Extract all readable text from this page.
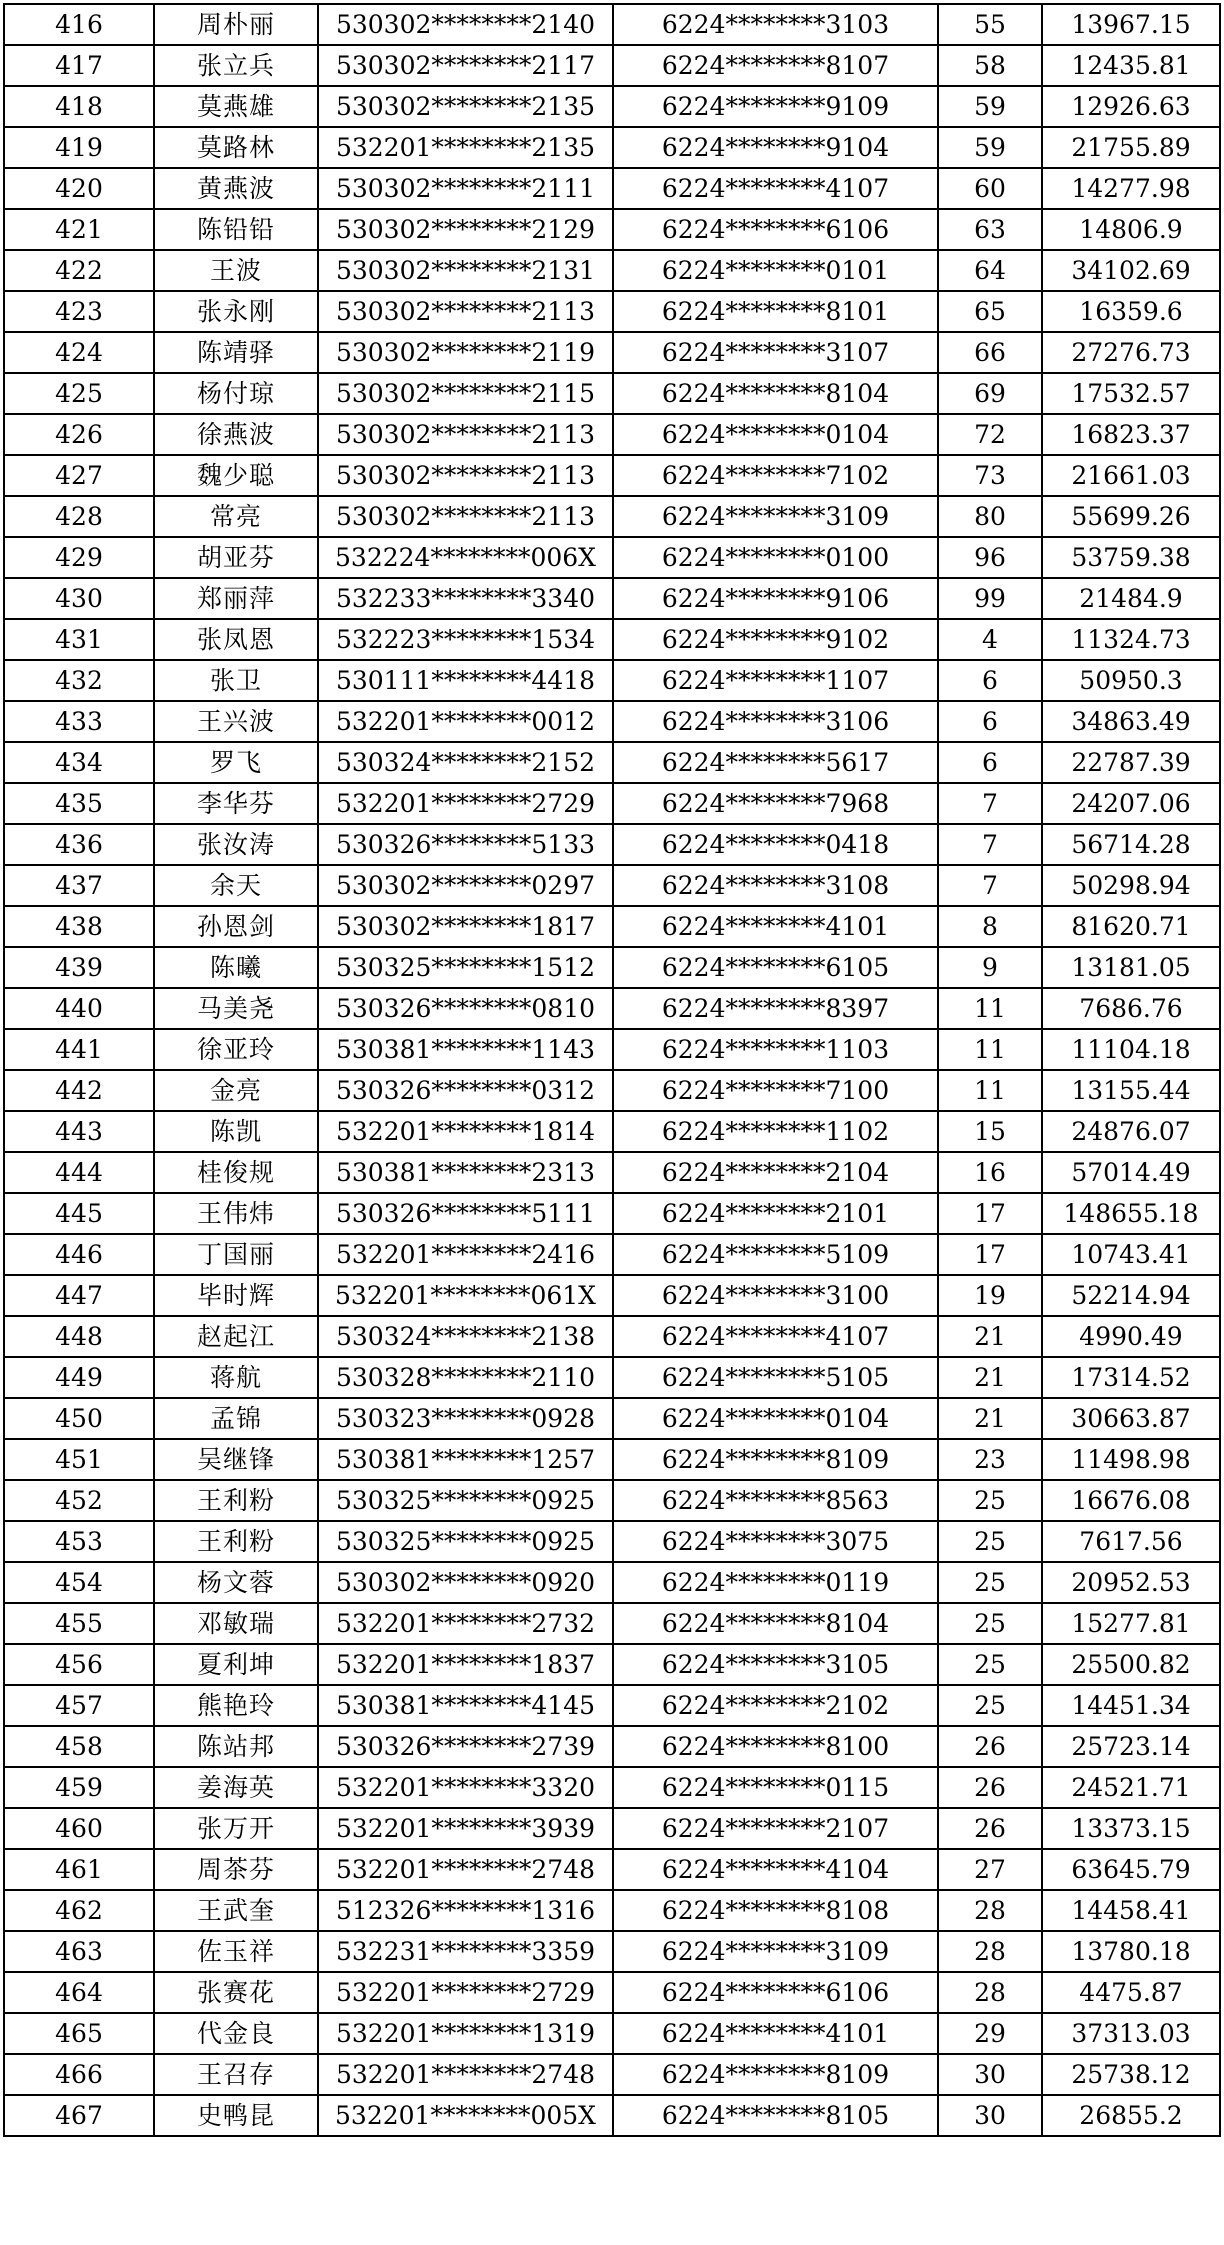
416	周朴丽	530302********2140	6224********3103	55	13967.15
417	张立兵	530302********2117	6224********8107	58	12435.81
418	莫燕雄	530302********2135	6224********9109	59	12926.63
419	莫路林	532201********2135	6224********9104	59	21755.89
420	黄燕波	530302********2111	6224********4107	60	14277.98
421	陈铅铅	530302********2129	6224********6106	63	14806.9
422	王波	530302********2131	6224********0101	64	34102.69
423	张永刚	530302********2113	6224********8101	65	16359.6
424	陈靖驿	530302********2119	6224********3107	66	27276.73
425	杨付琼	530302********2115	6224********8104	69	17532.57
426	徐燕波	530302********2113	6224********0104	72	16823.37
427	魏少聪	530302********2113	6224********7102	73	21661.03
428	常亮	530302********2113	6224********3109	80	55699.26
429	胡亚芬	532224********006X	6224********0100	96	53759.38
430	郑丽萍	532233********3340	6224********9106	99	21484.9
431	张凤恩	532223********1534	6224********9102	4	11324.73
432	张卫	530111********4418	6224********1107	6	50950.3
433	王兴波	532201********0012	6224********3106	6	34863.49
434	罗飞	530324********2152	6224********5617	6	22787.39
435	李华芬	532201********2729	6224********7968	7	24207.06
436	张汝涛	530326********5133	6224********0418	7	56714.28
437	余天	530302********0297	6224********3108	7	50298.94
438	孙恩剑	530302********1817	6224********4101	8	81620.71
439	陈曦	530325********1512	6224********6105	9	13181.05
440	马美尧	530326********0810	6224********8397	11	7686.76
441	徐亚玲	530381********1143	6224********1103	11	11104.18
442	金亮	530326********0312	6224********7100	11	13155.44
443	陈凯	532201********1814	6224********1102	15	24876.07
444	桂俊规	530381********2313	6224********2104	16	57014.49
445	王伟炜	530326********5111	6224********2101	17	148655.18
446	丁国丽	532201********2416	6224********5109	17	10743.41
447	毕时辉	532201********061X	6224********3100	19	52214.94
448	赵起江	530324********2138	6224********4107	21	4990.49
449	蒋航	530328********2110	6224********5105	21	17314.52
450	孟锦	530323********0928	6224********0104	21	30663.87
451	吴继锋	530381********1257	6224********8109	23	11498.98
452	王利粉	530325********0925	6224********8563	25	16676.08
453	王利粉	530325********0925	6224********3075	25	7617.56
454	杨文蓉	530302********0920	6224********0119	25	20952.53
455	邓敏瑞	532201********2732	6224********8104	25	15277.81
456	夏利坤	532201********1837	6224********3105	25	25500.82
457	熊艳玲	530381********4145	6224********2102	25	14451.34
458	陈站邦	530326********2739	6224********8100	26	25723.14
459	姜海英	532201********3320	6224********0115	26	24521.71
460	张万开	532201********3939	6224********2107	26	13373.15
461	周茶芬	532201********2748	6224********4104	27	63645.79
462	王武奎	512326********1316	6224********8108	28	14458.41
463	佐玉祥	532231********3359	6224********3109	28	13780.18
464	张赛花	532201********2729	6224********6106	28	4475.87
465	代金良	532201********1319	6224********4101	29	37313.03
466	王召存	532201********2748	6224********8109	30	25738.12
467	史鸭昆	532201********005X	6224********8105	30	26855.2
